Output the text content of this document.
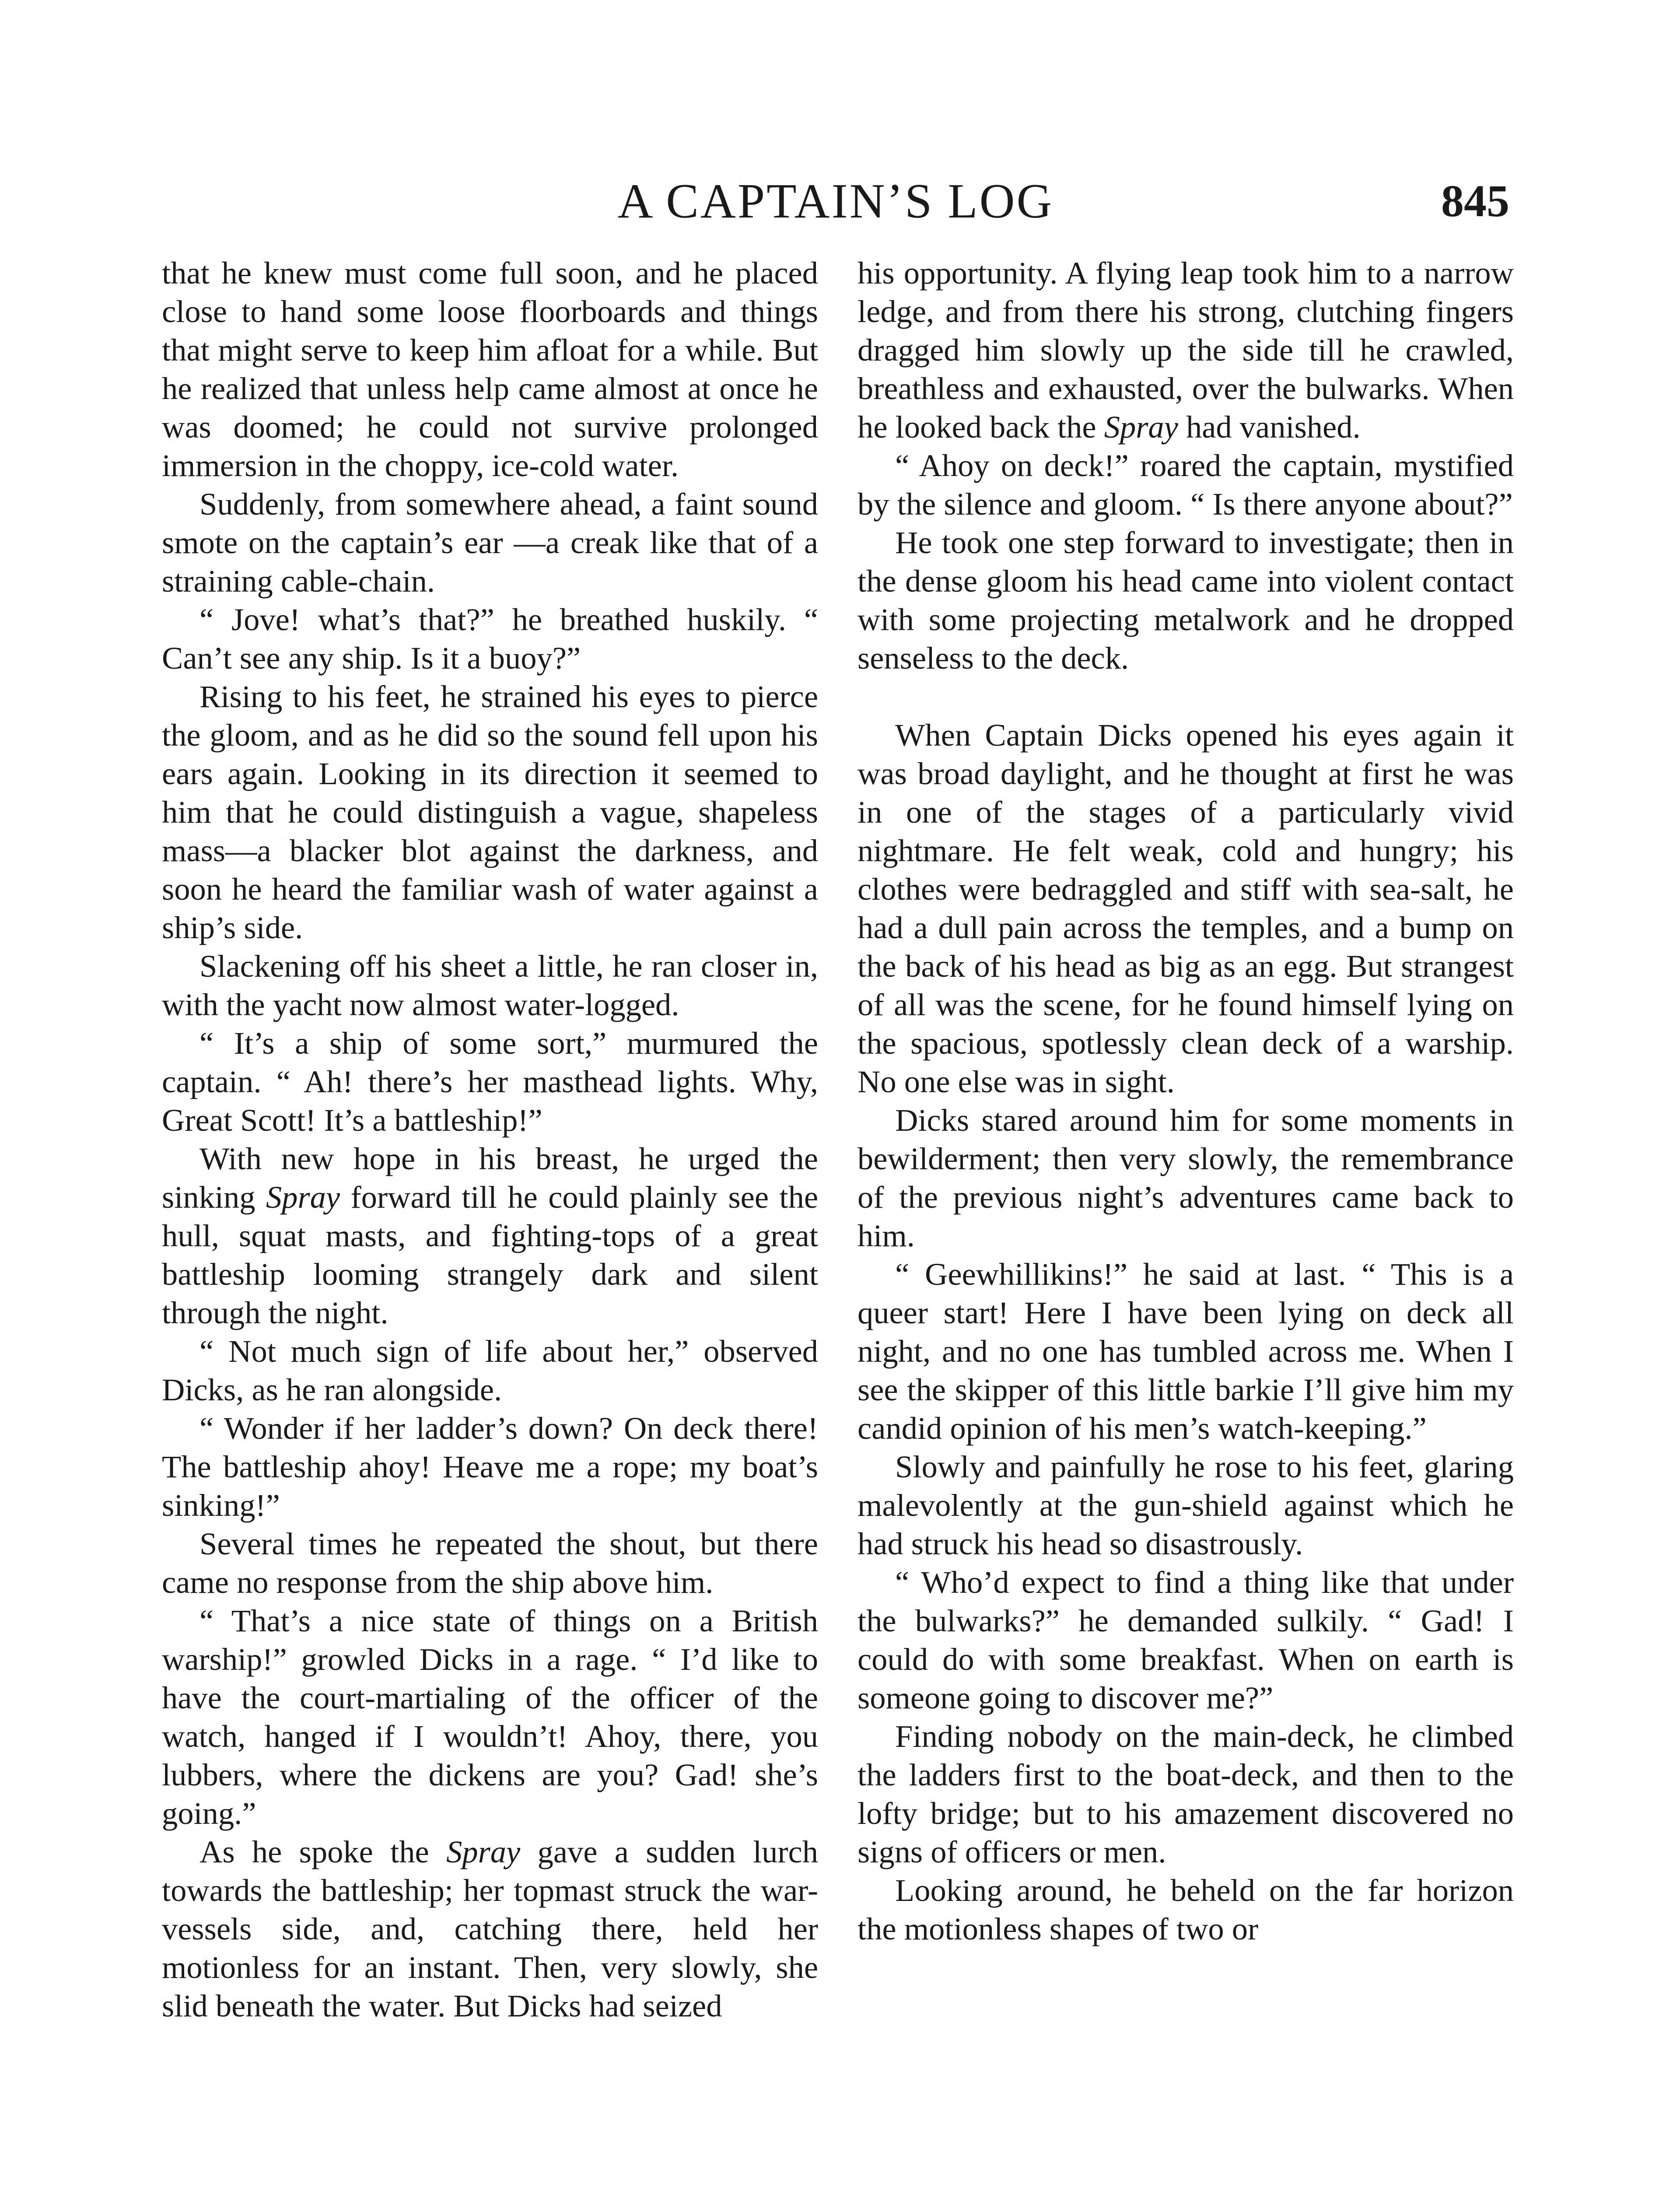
A CAPTAIN’S LOG	845

that he knew must come full soon, and he placed close to hand some loose floorboards and things that might serve to keep him afloat for a while. But he realized that unless help came almost at once he was doomed; he could not survive prolonged immersion in the choppy, ice-cold water.

Suddenly, from somewhere ahead, a faint sound smote on the captain’s ear —a creak like that of a straining cable-chain.

“ Jove! what’s that?” he breathed huskily. “ Can’t see any ship. Is it a buoy?”

Rising to his feet, he strained his eyes to pierce the gloom, and as he did so the sound fell upon his ears again. Looking in its direction it seemed to him that he could distinguish a vague, shapeless mass—a blacker blot against the darkness, and soon he heard the familiar wash of water against a ship’s side.

Slackening off his sheet a little, he ran closer in, with the yacht now almost water-logged.

“ It’s a ship of some sort,” murmured the captain. “ Ah! there’s her masthead lights. Why, Great Scott! It’s a battleship!”

With new hope in his breast, he urged the sinking Spray forward till he could plainly see the hull, squat masts, and fighting-tops of a great battleship looming strangely dark and silent through the night.

“ Not much sign of life about her,” observed Dicks, as he ran alongside.

“ Wonder if her ladder’s down? On deck there! The battleship ahoy! Heave me a rope; my boat’s sinking!”

Several times he repeated the shout, but there came no response from the ship above him.

“ That’s a nice state of things on a British warship!” growled Dicks in a rage. “ I’d like to have the court-martialing of the officer of the watch, hanged if I wouldn’t! Ahoy, there, you lubbers, where the dickens are you? Gad! she’s going.”

As he spoke the Spray gave a sudden lurch towards the battleship; her topmast struck the war-vessels side, and, catching there, held her motionless for an instant. Then, very slowly, she slid beneath the water. But Dicks had seized

his opportunity. A flying leap took him to a narrow ledge, and from there his strong, clutching fingers dragged him slowly up the side till he crawled, breathless and exhausted, over the bulwarks. When he looked back the Spray had vanished.

“ Ahoy on deck!” roared the captain, mystified by the silence and gloom. “ Is there anyone about?”

He took one step forward to investigate; then in the dense gloom his head came into violent contact with some projecting metalwork and he dropped senseless to the deck.

When Captain Dicks opened his eyes again it was broad daylight, and he thought at first he was in one of the stages of a particularly vivid nightmare. He felt weak, cold and hungry; his clothes were bedraggled and stiff with sea-salt, he had a dull pain across the temples, and a bump on the back of his head as big as an egg. But strangest of all was the scene, for he found himself lying on the spacious, spotlessly clean deck of a warship. No one else was in sight.

Dicks stared around him for some moments in bewilderment; then very slowly, the remembrance of the previous night’s adventures came back to him.

“ Geewhillikins!” he said at last. “ This is a queer start! Here I have been lying on deck all night, and no one has tumbled across me. When I see the skipper of this little barkie I’ll give him my candid opinion of his men’s watch-keeping.”

Slowly and painfully he rose to his feet, glaring malevolently at the gun-shield against which he had struck his head so disastrously.

“ Who’d expect to find a thing like that under the bulwarks?” he demanded sulkily. “ Gad! I could do with some breakfast. When on earth is someone going to discover me?”

Finding nobody on the main-deck, he climbed the ladders first to the boat-deck, and then to the lofty bridge; but to his amazement discovered no signs of officers or men.

Looking around, he beheld on the far horizon the motionless shapes of two or
